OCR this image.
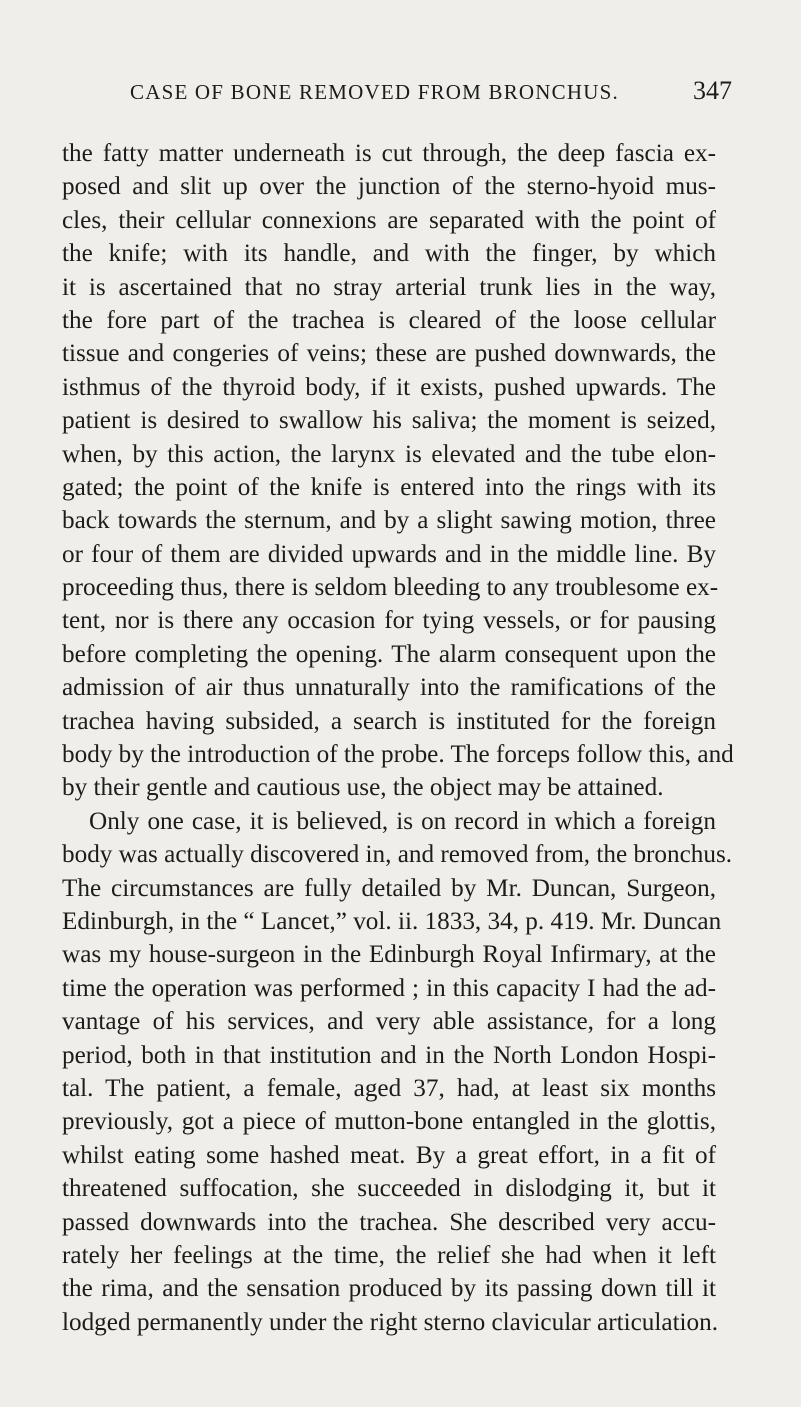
CASE OF BONE REMOVED FROM BRONCHUS.	347
the fatty matter underneath is cut through, the deep fascia ex-
posed and slit up over the junction of the sterno-hyoid mus-
cles, their cellular connexions are separated with the point of
the knife; with its handle, and with the finger, by which
it is ascertained that no stray arterial trunk lies in the way,
the fore part of the trachea is cleared of the loose cellular
tissue and congeries of veins; these are pushed downwards, the
isthmus of the thyroid body, if it exists, pushed upwards. The
patient is desired to swallow his saliva; the moment is seized,
when, by this action, the larynx is elevated and the tube elon-
gated; the point of the knife is entered into the rings with its
back towards the sternum, and by a slight sawing motion, three
or four of them are divided upwards and in the middle line. By
proceeding thus, there is seldom bleeding to any troublesome ex-
tent, nor is there any occasion for tying vessels, or for pausing
before completing the opening. The alarm consequent upon the
admission of air thus unnaturally into the ramifications of the
trachea having subsided, a search is instituted for the foreign
body by the introduction of the probe. The forceps follow this, and
by their gentle and cautious use, the object may be attained.
Only one case, it is believed, is on record in which a foreign
body was actually discovered in, and removed from, the bronchus.
The circumstances are fully detailed by Mr. Duncan, Surgeon,
Edinburgh, in the “ Lancet,” vol. ii. 1833, 34, p. 419. Mr. Duncan
was my house-surgeon in the Edinburgh Royal Infirmary, at the
time the operation was performed ; in this capacity I had the ad-
vantage of his services, and very able assistance, for a long
period, both in that institution and in the North London Hospi-
tal. The patient, a female, aged 37, had, at least six months
previously, got a piece of mutton-bone entangled in the glottis,
whilst eating some hashed meat. By a great effort, in a fit of
threatened suffocation, she succeeded in dislodging it, but it
passed downwards into the trachea. She described very accu-
rately her feelings at the time, the relief she had when it left
the rima, and the sensation produced by its passing down till it
lodged permanently under the right sterno clavicular articulation.
